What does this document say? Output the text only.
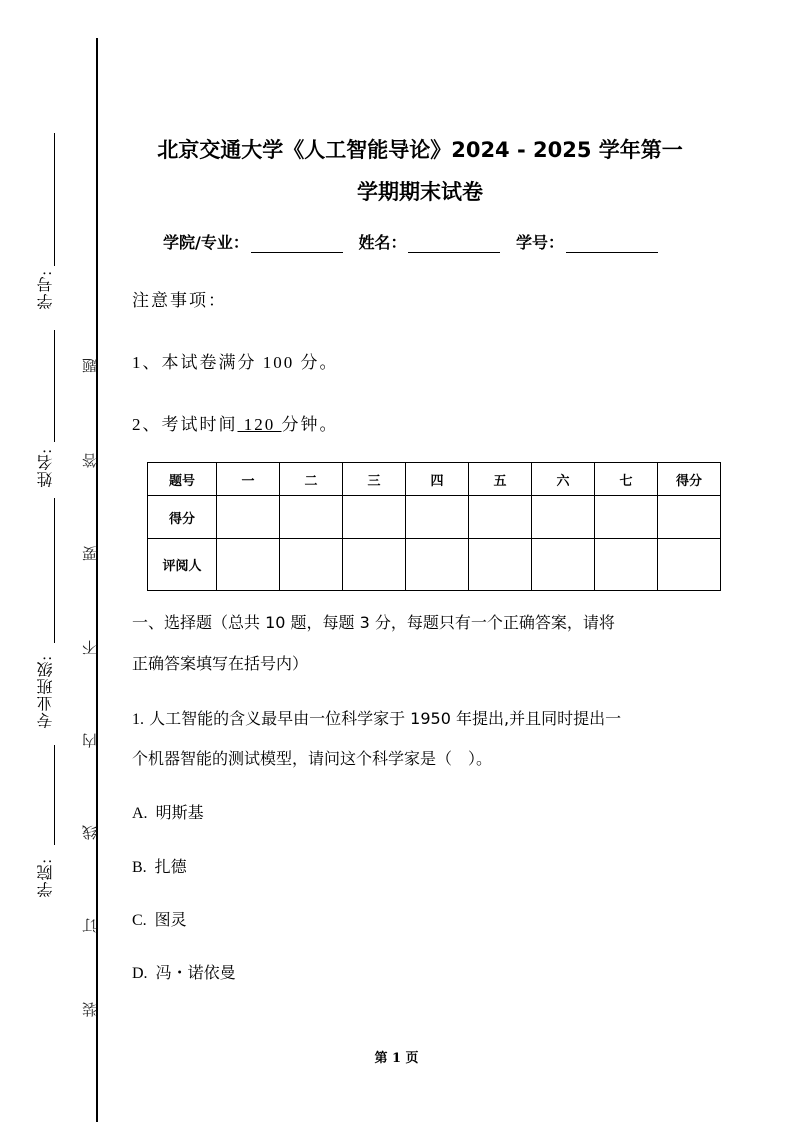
学号:
姓名:
专业班级:
学院:
题
答
要
不
内
线
订
装
北京交通大学《人工智能导论》2024 - 2025 学年第一
学期期末试卷
学院/专业：	姓名：	学号：
注意事项：
1、本试卷满分 100 分。
2、考试时间 120 分钟。
题号	一	二	三	四	五	六	七	得分
得分								
评阅人								
一、选择题（总共 10 题，每题 3 分，每题只有一个正确答案，请将
正确答案填写在括号内）
1. 人工智能的含义最早由一位科学家于 1950 年提出,并且同时提出一
个机器智能的测试模型，请问这个科学家是（　）。
A. 明斯基
B. 扎德
C. 图灵
D. 冯・诺依曼
第 1 页
